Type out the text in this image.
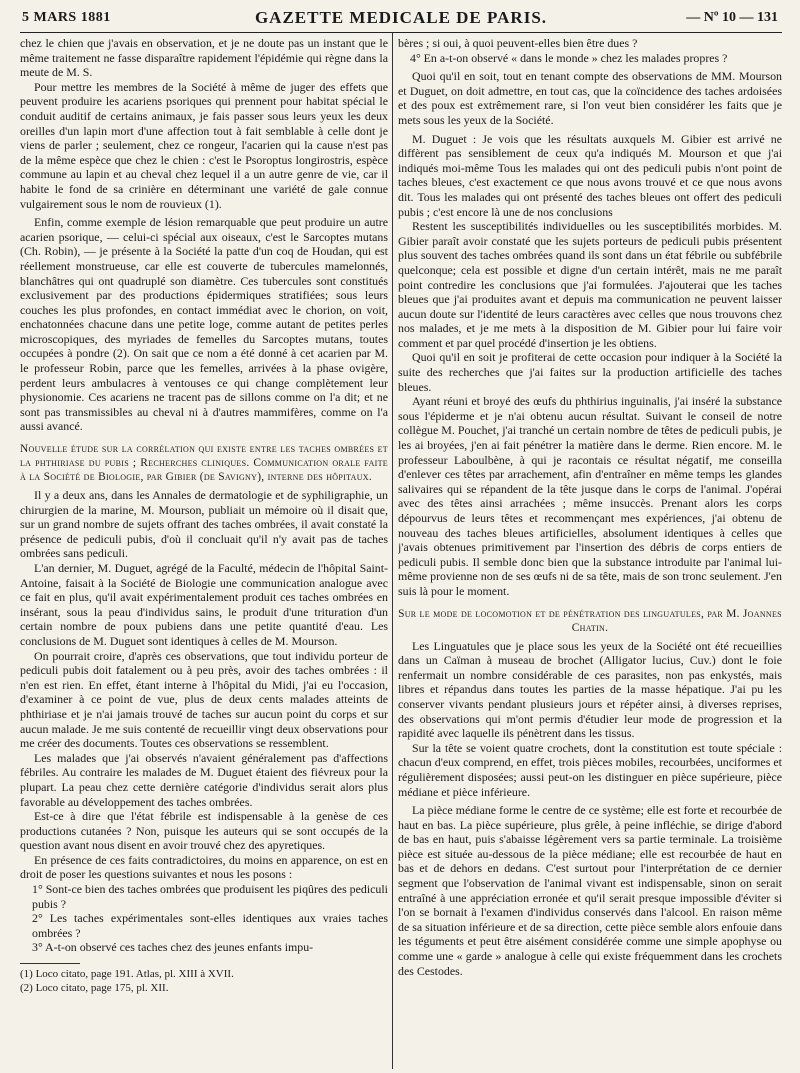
5 MARS 1881	GAZETTE MEDICALE DE PARIS.	— Nº 10 — 131

chez le chien que j'avais en observation, et je ne doute pas un instant que le même traitement ne fasse disparaître rapidement l'épidémie qui règne dans la meute de M. S.

Pour mettre les membres de la Société à même de juger des effets que peuvent produire les acariens psoriques qui prennent pour habitat spécial le conduit auditif de certains animaux, je fais passer sous leurs yeux les deux oreilles d'un lapin mort d'une affection tout à fait semblable à celle dont je viens de parler ; seulement, chez ce rongeur, l'acarien qui la cause n'est pas de la même espèce que chez le chien : c'est le Psoroptus longirostris, espèce commune au lapin et au cheval chez lequel il a un autre genre de vie, car il habite le fond de sa crinière en déterminant une variété de gale connue vulgairement sous le nom de rouvieux (1).

Enfin, comme exemple de lésion remarquable que peut produire un autre acarien psorique, — celui-ci spécial aux oiseaux, c'est le Sarcoptes mutans (Ch. Robin), — je présente à la Société la patte d'un coq de Houdan, qui est réellement monstrueuse, car elle est couverte de tubercules mamelonnés, blanchâtres qui ont quadruplé son diamètre. Ces tubercules sont constitués exclusivement par des productions épidermiques stratifiées; sous leurs couches les plus profondes, en contact immédiat avec le chorion, on voit, enchatonnées chacune dans une petite loge, comme autant de petites perles microscopiques, des myriades de femelles du Sarcoptes mutans, toutes occupées à pondre (2). On sait que ce nom a été donné à cet acarien par M. le professeur Robin, parce que les femelles, arrivées à la phase ovigère, perdent leurs ambulacres à ventouses ce qui change complètement leur physionomie. Ces acariens ne tracent pas de sillons comme on l'a dit; et ne sont pas transmissibles au cheval ni à d'autres mammifères, comme on l'a aussi avancé.

Nouvelle étude sur la corrélation qui existe entre les taches ombrées et la phthiriase du pubis ; Recherches cliniques. Communication orale faite à la Société de Biologie, par Gibier (de Savigny), interne des hôpitaux.

Il y a deux ans, dans les Annales de dermatologie et de syphiligraphie, un chirurgien de la marine, M. Mourson, publiait un mémoire où il disait que, sur un grand nombre de sujets offrant des taches ombrées, il avait constaté la présence de pediculi pubis, d'où il concluait qu'il n'y avait pas de taches ombrées sans pediculi.

L'an dernier, M. Duguet, agrégé de la Faculté, médecin de l'hôpital Saint-Antoine, faisait à la Société de Biologie une communication analogue avec ce fait en plus, qu'il avait expérimentalement produit ces taches ombrées en insérant, sous la peau d'individus sains, le produit d'une trituration d'un certain nombre de poux pubiens dans une petite quantité d'eau. Les conclusions de M. Duguet sont identiques à celles de M. Mourson.

On pourrait croire, d'après ces observations, que tout individu porteur de pediculi pubis doit fatalement ou à peu près, avoir des taches ombrées : il n'en est rien. En effet, étant interne à l'hôpital du Midi, j'ai eu l'occasion, d'examiner à ce point de vue, plus de deux cents malades atteints de phthiriase et je n'ai jamais trouvé de taches sur aucun point du corps et sur aucun malade. Je me suis contenté de recueillir vingt deux observations pour me créer des documents. Toutes ces observations se ressemblent.

Les malades que j'ai observés n'avaient généralement pas d'affections fébriles. Au contraire les malades de M. Duguet étaient des fiévreux pour la plupart. La peau chez cette dernière catégorie d'individus serait alors plus favorable au développement des taches ombrées.

Est-ce à dire que l'état fébrile est indispensable à la genèse de ces productions cutanées ? Non, puisque les auteurs qui se sont occupés de la question avant nous disent en avoir trouvé chez des apyretiques.

En présence de ces faits contradictoires, du moins en apparence, on est en droit de poser les questions suivantes et nous les posons :

1° Sont-ce bien des taches ombrées que produisent les piqûres des pediculi pubis ?

2° Les taches expérimentales sont-elles identiques aux vraies taches ombrées ?

3° A-t-on observé ces taches chez des jeunes enfants impu-

(1) Loco citato, page 191. Atlas, pl. XIII à XVII.

(2) Loco citato, page 175, pl. XII.

bères ; si oui, à quoi peuvent-elles bien être dues ?

4° En a-t-on observé « dans le monde » chez les malades propres ?

Quoi qu'il en soit, tout en tenant compte des observations de MM. Mourson et Duguet, on doit admettre, en tout cas, que la coïncidence des taches ardoisées et des poux est extrêmement rare, si l'on veut bien considérer les faits que je mets sous les yeux de la Société.

M. Duguet : Je vois que les résultats auxquels M. Gibier est arrivé ne diffèrent pas sensiblement de ceux qu'a indiqués M. Mourson et que j'ai indiqués moi-même Tous les malades qui ont des pediculi pubis n'ont point de taches bleues, c'est exactement ce que nous avons trouvé et ce que nous avons dit. Tous les malades qui ont présenté des taches bleues ont offert des pediculi pubis ; c'est encore là une de nos conclusions

Restent les susceptibilités individuelles ou les susceptibilités morbides. M. Gibier paraît avoir constaté que les sujets porteurs de pediculi pubis présentent plus souvent des taches ombrées quand ils sont dans un état fébrile ou subfébrile quelconque; cela est possible et digne d'un certain intérêt, mais ne me paraît point contredire les conclusions que j'ai formulées. J'ajouterai que les taches bleues que j'ai produites avant et depuis ma communication ne peuvent laisser aucun doute sur l'identité de leurs caractères avec celles que nous trouvons chez nos malades, et je me mets à la disposition de M. Gibier pour lui faire voir comment et par quel procédé d'insertion je les obtiens.

Quoi qu'il en soit je profiterai de cette occasion pour indiquer à la Société la suite des recherches que j'ai faites sur la production artificielle des taches bleues.

Ayant réuni et broyé des œufs du phthirius inguinalis, j'ai inséré la substance sous l'épiderme et je n'ai obtenu aucun résultat. Suivant le conseil de notre collègue M. Pouchet, j'ai tranché un certain nombre de têtes de pediculi pubis, je les ai broyées, j'en ai fait pénétrer la matière dans le derme. Rien encore. M. le professeur Laboulbène, à qui je racontais ce résultat négatif, me conseilla d'enlever ces têtes par arrachement, afin d'entraîner en même temps les glandes salivaires qui se répandent de la tête jusque dans le corps de l'animal. J'opérai avec des têtes ainsi arrachées ; même insuccès. Prenant alors les corps dépourvus de leurs têtes et recommençant mes expériences, j'ai obtenu de nouveau des taches bleues artificielles, absolument identiques à celles que j'avais obtenues primitivement par l'insertion des débris de corps entiers de pediculi pubis. Il semble donc bien que la substance introduite par l'animal lui-même provienne non de ses œufs ni de sa tête, mais de son tronc seulement. J'en suis là pour le moment.

Sur le mode de locomotion et de pénétration des linguatules, par M. Joannes Chatin.

Les Linguatules que je place sous les yeux de la Société ont été recueillies dans un Caïman à museau de brochet (Alligator lucius, Cuv.) dont le foie renfermait un nombre considérable de ces parasites, non pas enkystés, mais libres et répandus dans toutes les parties de la masse hépatique. J'ai pu les conserver vivants pendant plusieurs jours et répéter ainsi, à diverses reprises, des observations qui m'ont permis d'étudier leur mode de progression et la rapidité avec laquelle ils pénètrent dans les tissus.

Sur la tête se voient quatre crochets, dont la constitution est toute spéciale : chacun d'eux comprend, en effet, trois pièces mobiles, recourbées, unciformes et régulièrement disposées; aussi peut-on les distinguer en pièce supérieure, pièce médiane et pièce inférieure.

La pièce médiane forme le centre de ce système; elle est forte et recourbée de haut en bas. La pièce supérieure, plus grêle, à peine infléchie, se dirige d'abord de bas en haut, puis s'abaisse légèrement vers sa partie terminale. La troisième pièce est située au-dessous de la pièce médiane; elle est recourbée de haut en bas et de dehors en dedans. C'est surtout pour l'interprétation de ce dernier segment que l'observation de l'animal vivant est indispensable, sinon on serait entraîné à une appréciation erronée et qu'il serait presque impossible d'éviter si l'on se bornait à l'examen d'individus conservés dans l'alcool. En raison même de sa situation inférieure et de sa direction, cette pièce semble alors enfouie dans les téguments et peut être aisément considérée comme une simple apophyse ou comme une « garde » analogue à celle qui existe fréquemment dans les crochets des Cestodes.
